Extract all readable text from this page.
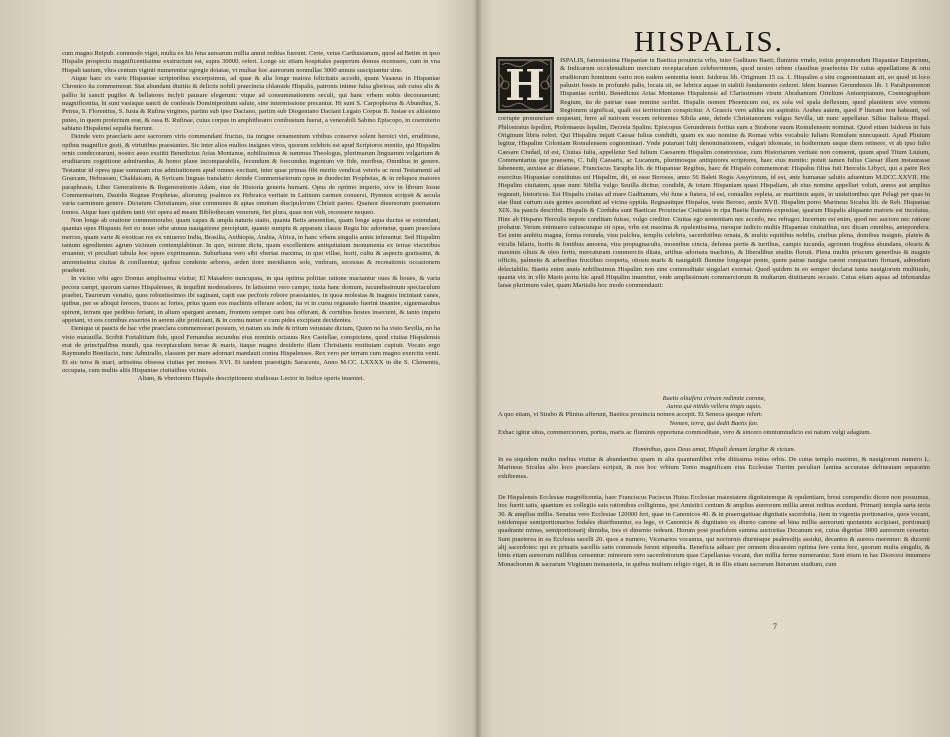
cum magno Reipub. commodo viget, multa ex his fena aurearum millia annui reditus fuerunt. Certe, vetus Carthusianum, quod ad Betim in ipso Hispalis prospectu magnificentissime exstructum est, supra 30000. refert. Longe sic etiam hospitales pauperum domus recensere, cum in vna Hispali tantum, vltra centum viginti numerentur egregie dotatae, vt multae hoc aureorum nonnullae 3000 annuis suscipiantur sine.

Atque haec ex varis Hispaniae scriptoribus excerpsimus, ad quae & alia longe maiora felicitatis accedit, quam Vasaeus in Hispaniae Chronico ita commemorat. Stat abundant diuitiis & deliciis nobili praecincta chlamide Hispalis, patronis intime fulsa gloriosa, sub cuius alis & pallio hi sancti pugiles & bellatores inclyti pausare elegerunt: vtque ad consummationem seculi, qui hanc vrbem nobis decorauerunt; magnificentia, hi sunt vasisque sancti de confessis Dominiproitum salute, sine intermissione precantur. Hi sunt S. Carpophorus & Abundius, S. Petrus, S. Florentius, S. Iusta & Rufina virgines, partim sub ipso Daciano, partim sub Diogeniano Daciani Legato Corpus B. Iustae ex altissimo puteo, in quem proiectum erat, & ossa B. Rufinae, cuius corpus in amphitheatro combustum fuerat, a venerabili Sabino Episcopo, in coemiterio sabiano Hispalensi sepulta fuerunt.

Deinde vero praeclaris aere sacrorum viris commendant fructus, ita inrigne ornamentum vrbibus conserve solent heroici viri, eruditione, opibus magnifice gesti, & virtutibus praestantes. Sic inter alios multos insignes viros, quorum celebris est apud Scriptores mentio, qui Hispalim ornis condecorarunt, nostro aeuo exstitit Benedictus Arias Montanus, nobilissimus & summus Theologus, plurimarum linguarum vulgarium & eruditarum cognitione admirandus, & homo plane incomparabilis, fecundum & foecundus ingenium vir fide, moribus, Omnibus in genere. Testantur id opera quae summam eius admirationem apud omnes excitant, inter quae primas fibi merito vendicat veteris ac noui Testamenti ad Graecam, Hebraeam, Chaldaicam, & Syricam linguas translatio: deinde Commentariorum opus in duodecim Prophetas, & in reliquos maiores paraphrasis, Liber Generationis & Regenerationis Adam, siue de Historia generis humani. Opus de optimo imperio, sive in librum Iosue Commentarium, Dauidis Regnae Prophetae, aliorumq; psalmos ex Hebraica veritate in Latinum carmen conuersi, Hymnos scripsit & secula varia carminum genere. Dictatum Christianum, siue communes & aptas omnium discipulorum Christi partes. Quatuor diuersorum poematum tomos. Atque haec quidem tanti viri opera ad meam Bibliothecam venerunt, fiet plura, quae non vidi, recensere nequeo.

Non longe ab oratione commemorabo, quam capax & ampla naturis statio, quanta Betis amoenitas, quam longe aqua ductus se extendant, quantas opes Hispanis fert eo nouo orbe annua nauigatione percipiunt, quanto sumptu & apparatu classis Regia hic adornetur, quam praeclara merces, quam varie & exoticae res ex vniuerso India, Brasilia, Aethiopia, Arabia, Africa, in hanc vrbem singulis annis inferantur. Sed Hispalim tantum egredientes agrum vicinum contemplabimur. In quo, mirum dictu, quam excellentem antiquitatum monumenta ex terrae visceribus eruantur, vt peculiari tabula hoc opere exprimamus. Suburbana vero sibi vbertas maxima, in quo villae, horti, cultu & aspectu gratissimi, & amoenissima ciuitas & confluentur, quibus condente arbores, arden tiore meridianos sole, vmbram, secessus & recreationis occasionem praebent.

In vicino vrbi agro Domus amplissima visitur, El Matadero nuncupata, in qua optima politiae ratione mactantur oues & boues, & varia pecora campi, quorum carnes Hispalenses, & inquilini moderatiores. In latissimo vero campo, iuxta hanc domum, iucundissimum spectaculum praebet, Taurorum venatio, quos robustissimos ibi saginant, capit eae pecforis robore praestantes, in quoa molestas & inagnos inciniant canes, quibus, per se alioqui feroces, truces ac fortes, prius quam eos machinis efferare solent, ita vt in cursu regnando fuerint insanire, signemarabus spirent, terram que pedibus feriant, in altum spargant arenam, frontem semper cani bus offerant, & cornibus hostes insectent, & tanto impetu appetant, vt eos cornibus exsertos in aerem alte proiiciant, & in cornu numer e cum pides excipiant decidentes.

Denique ut paucis de hac vrbe praeclara commemorari possum, vt natum sis inde & tritum vetustate dictum, Quien no ha visto Sevilla, no ha visto marauilla. Scribit Fortalitium fide, quod Fernandus secundus eius nominis octauus Rex Castellae, conspiciens, quod ciuitas Hispalensis erat de principalibus mundi, qua receptaculum terrae & maris, itaque magno desiderio illam Christianis restitutam cupiuit. Vocato ergo Raymundo Bonifacio, tunc Admirallo, classem per mare adornari mandauit contra Hispalenses. Rex vero per terram cum magno exercitu venit. Et sic terra & mari, artissima obsessa ciuitas per menses XVI. Et tandem praestigiis Saracenis, Anno M.CC. LXXXX in die S. Clementis, occupata, cum multis aliis Hispaniae ciuitatibus vicinis.

Aliam, & vberiorem Hispalis descriptionem studiosus Lector in Indice operis inueniet.

HISPALIS.
H	ISPALIS, famosissima Hispaniae in Baetica prouincia vrbs, inter Gaditano Baeti; fluminis vrndo, totius propemodum Hispaniae Emporium, & Indicarum occidentalium mercium receptaculum celeberrimum, quod nostro orbem classibus praefectus De cuius appellatione & ortu eruditorum hominum vario non eadem sententia tenet. Isidorus lib. Originum 15 ca. 1. Hispalim a situ cognominatam ait, eo quod in loco palustri fossis in profundo palis, locata sit, ne lubrica aquae in stabili fundamento cederet. Idem Ioannes Gerundensis lib. 1 Paralipomenon Hispaniae scribit. Benedictus Arias Montanus Hispalensis ad Clarissimum virum Abrahamum Ortelium Antuerpianum, Cosmographum Regium, ita de patriae suae nomine scribit. Hispalis nomen Phoenicum est, ex sola vel spala deflexum, quod planitiem sive viretem Regionem significat, quali est territorium conspicitur. A Graecis vero addita est aspiratio. Arabes autem, quod P literam non habeant, vel corrupte pronunciare nequeunt, ferre ad nativam vocem referentes Sibila ante, deinde Christianorum vulgus Sevilla, uti nunc appellatur. Silius Italicus Hispal. Philostratus Ispolim, Ptolomaeus Ispalim, Decreta Spalim. Episcopus Gerundensis fortius eam a Strabone suum Romulensem nominat. Quod etiam Isidorus in fuis Originum libris refert. Qui Hispalim inquit Caesar Iulius condidit, quam ex suo nomine & Romae vrbis vocabulo Iuliam Romulam nuncupauit. Apud Plinium legitur, Hispalim Coloniam Romulensem cognominari. Vnde putarunt Iulij denominationem, vulgari idiomate, in hodiernum usque diem retinere, vt ab ipso Iulio Caesare Ciudad, id est, Ciuitas Iulia, appelletur Sed Iulium Caesarem Hispalim construxisse, cum Historiarum veritate non conuenit, quum apud Titum Liuium, Commentarius que praesens, C. Iulij Caesaris, ac Lucanum, plurimosque antiquiores scriptores, haec eius mentio: potuit tamen Iulius Caesar illam instaurasse Iabeneem, auxisse ac dilatasse. Franciscus Tarapha lib. de Hispaniae Regibus, haec de Hispalo commemorat: Hispalus filius fuit Herculis Libyci, qui a patre Rex exercitus Hispaniae constitutus est Hispalim, dit, ut esse Berosus, anno 56 Baleti Regis Assyriorum, id est, ante humanae salutis aduentum M.DCC.XXVII. Hic Hispalim ciuitatem, quae nunc Sibilia vulgo Seuilla dicitur, condidit, & totam Hispaniam quasi Hispaliam, ab eius nomine appellari voluit, annos aut amplius regnauit, historicus. Est Hispalis ciuitas ad mare Gaditanum, vbi fune a ftatera, id est, conualles repleta, ac maritimis aquis, in undationibus que Pelagi per quas in star fluui curtum suis gentes ascendunt ad vicina oppida. Regnauitque Hispalus, teste Beroso, annis XVII. Hispalim porro Marineus Siculus lib. de Reb. Hispaniae XIX. ita paucis describit. Hispalis & Corduba sunt Baeticae Prouinciae Ciuitates in ripa Baetis fluminis expositae, quarum Hispalis aliquanto maioris est incolatus. Hinc ab Hispano Herculis nepote conditam fuisse, vulgo creditur. Ciuitas ego sententiam nec accedo, nec refragor. Incertum est enim, quod nec auctore nec ratione probatur. Verum enimuero cuiuscunque sit opus, vrbs est maxima & opulentissima, meoque iudicio multis Hispaniae ciuitatibus, nec dicam omnibus, antepondera. Est enim ambitu magna, forma rotunda, visu pulchra, templis celebris, sacerdotibus ornata, & multis equitibus nobilis, ciuibus plena, domibus insignis, plateis & viculis hilaris, hortis & fontibus amoena, vtra propugnaculis, moenibus cincta, defensa portis & turribus, campis iucunda, agrorum frugibus abundans, olearis & maximis oliuis & oleo fertis, mercaturam commerciis ditata, artibus adornata machinis, & liberalibus studiis floruit. Plena multis priscum generibus & magnis officiis, palmetis & arboribus fructibus cooperta, otiosis maris & nauigabili flumine longoque ponte, quem patrae nauigia carent compactum firmant, admodum delectabilis. Baetis enim annis nobilissimus Hispalim non sine commoditate singulari exornat. Quod quidem in eo semper declarat tanta nauigiorum multitudo, quanta vix in vllo Maris portu hic apud Hispalim inuenitur, vnde amplissimum commerciorum & multarum diuitiarum occasio. Cuius etiam aquas ad infestandas lanas plurimum valet, quam Martialis hoc modo commendauit:
Baetis oliuifera crinem redimite corona,
Aurea qui nitidis vellera tingis aquis.
A quo etiam, vt Strabo & Plinius afferunt, Baetica prouincia nomen accepit. Et Seneca quoque refert:
Nomen, terra, qui dedit Baetis fan.
Exhac igitur situs, commerciorum, portus, maris ac fluminis opportuna commoditate, vero & sincero omniumiudicio est natum vulgi adagium.
Hominibus, quos Deus amat, Hispali demum largitur & victum.
In ea siquidem multo melius viuitur & abundantius quam in alia quantumlibet vrbe ditissima totius orbis. De cuius templo maximo, & nauigiorum numero L. Marineus Siculus alio loco praeclara scripsit, & nos hoc vrbium Tomo magnificam eius Ecclesiae Turrim peculiari lamina accuratae delineatam separatim exhibemus.
De Hispalensis Ecclesiae magnificentia, haec Franciscus Paciecus Huius Ecclesiae maiestatem dignitatemque & opulentiam, breui compendio dicere non possumus, hoc fuerit satis, quantum ex collegiis suis rationibus colligimus, ipsi Amistici centum & amplius aureorum millia annui reditus ecedunt. Primarij templa sarta tecta 30. & amplius millia. Senatus vero Ecclesiae 120000 fert, quae in Canonicos 40. & in praerogatiuae dignitatis sacerdotia, item in vigentia portionarios, quos vocant, totidemque semiportionarios fodales distribuuntur, ea lege, vt Canonicis & dignitates ex diurno canone ad bina millia aureorum quotannis accipiant, portionarij quadrante minus, semiportionarij dimidia, tres ei dimento redeant. Horum post praefulem summa auctoritas Decanum est, cuius dignitas 3000 aureorum censetur. Sunt praeterea in ea Ecclesia sacelli 20. quos a numero, Vicenarios vocamus, qui nocturnis diurnisque psalmodijs assidui, decantos & aureos merentur: & ducenti alij sacerdotes: qui ex priuatis sacellis satis commoda ferunt stipendia. Beneficia adhaec per omnem diocaesim optima fere centa fere, quorum multa singulis, & binis etiam aureorum millibus censentur: minorum vero sacerdotiorum quas Capellanias vocant, duo millia ferme numerantur. Sunt etiam in hac Dioecesi innumera Monachorum & sacrarum Virginum monasteria, in quibus multum religio viget, & in illis etiam sacrarum literarum studium, cum
7
